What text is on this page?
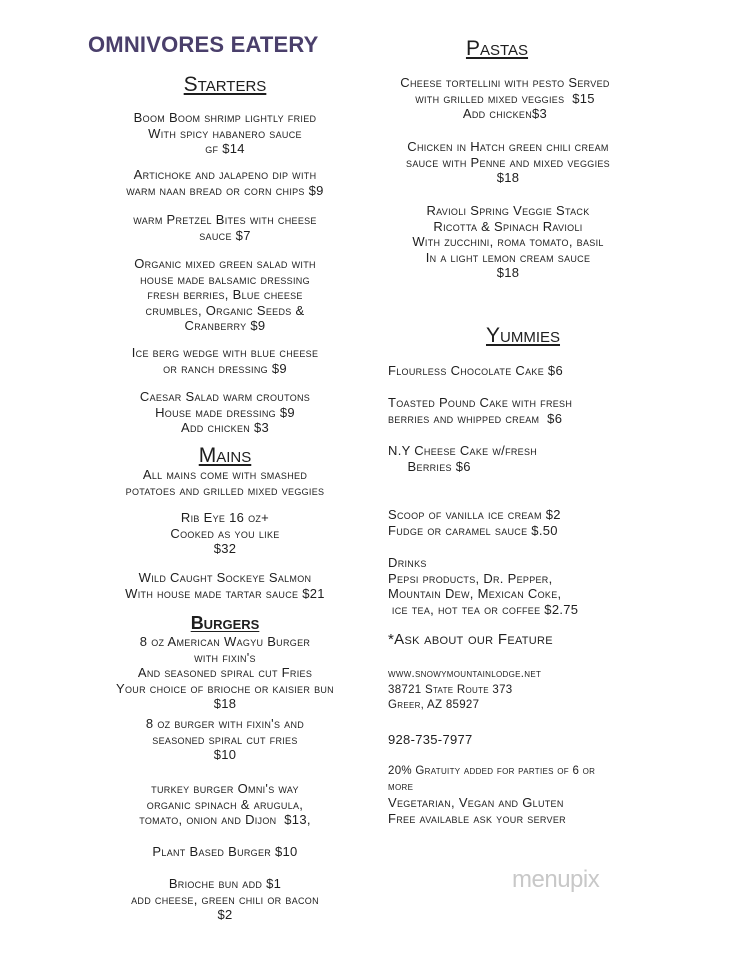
OMNIVORES EATERY
Starters
Boom Boom shrimp lightly fried
With spicy habanero sauce
gf $14
Artichoke and jalapeno dip with
warm naan bread or corn chips $9
warm Pretzel Bites with cheese
sauce $7
Organic mixed green salad with
house made balsamic dressing
fresh berries, Blue cheese
crumbles, Organic Seeds &
Cranberry $9
Ice berg wedge with blue cheese
or ranch dressing $9
Caesar Salad warm croutons
House made dressing $9
Add chicken $3
Mains
All mains come with smashed
potatoes and grilled mixed veggies
Rib Eye 16 oz+
Cooked as you like
$32
Wild Caught Sockeye Salmon
With house made tartar sauce $21
Burgers
8 oz American Wagyu Burger
with fixin's
And seasoned spiral cut Fries
Your choice of brioche or kaisier bun
$18
8 oz burger with fixin's and
seasoned spiral cut fries
$10
turkey burger Omni's way
organic spinach & arugula,
tomato, onion and Dijon  $13,
Plant Based Burger $10
Brioche bun add $1
add cheese, green chili or bacon
$2
Pastas
Cheese tortellini with pesto Served
with grilled mixed veggies  $15
Add chicken$3
Chicken in Hatch green chili cream
sauce with Penne and mixed veggies
$18
Ravioli Spring Veggie Stack
Ricotta & Spinach Ravioli
With zucchini, roma tomato, basil
In a light lemon cream sauce
$18
Yummies
Flourless Chocolate Cake $6
Toasted Pound Cake with fresh
berries and whipped cream  $6
N.Y Cheese Cake w/fresh
Berries $6
Scoop of vanilla ice cream $2
Fudge or caramel sauce $.50
Drinks
Pepsi products, Dr. Pepper,
Mountain Dew, Mexican Coke,
ice tea, hot tea or coffee $2.75
*Ask about our Feature
www.snowymountainlodge.net
38721 State Route 373
Greer, AZ 85927
928-735-7977
20% Gratuity added for parties of 6 or
more
Vegetarian, Vegan and Gluten
Free available ask your server
menupix
